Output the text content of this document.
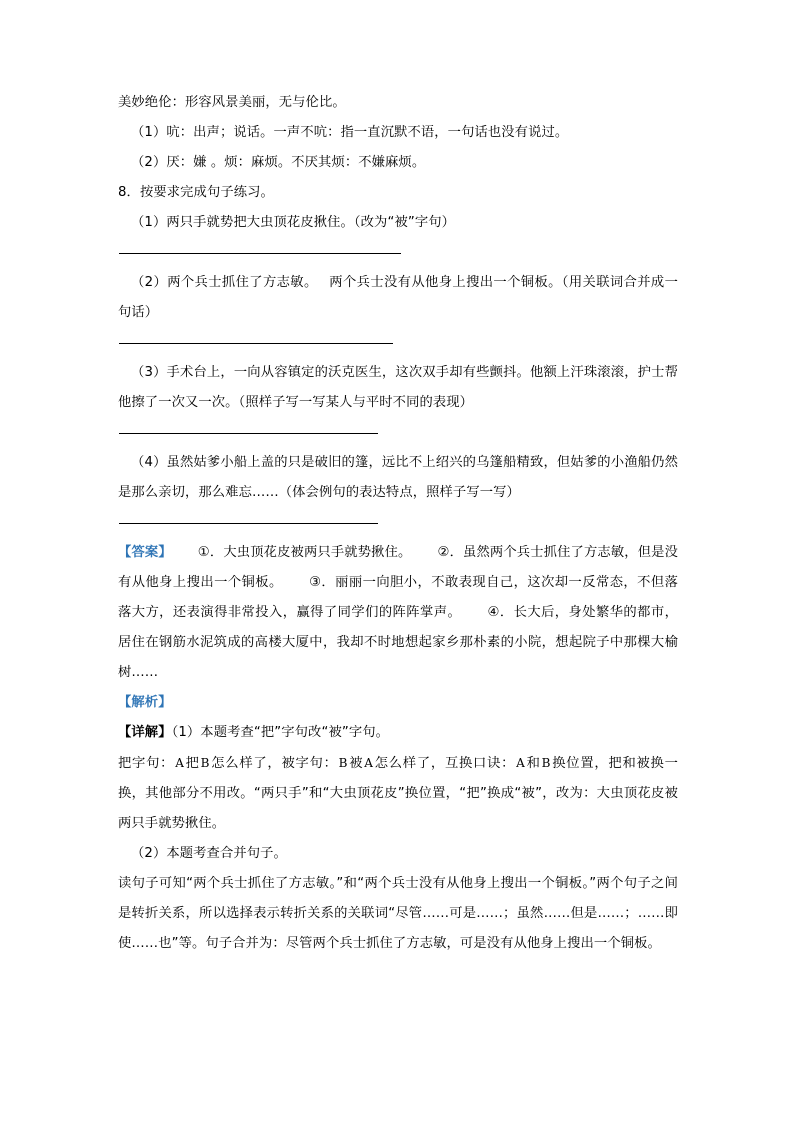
美妙绝伦：形容风景美丽，无与伦比。

（1）吭：出声；说话。一声不吭：指一直沉默不语，一句话也没有说过。

（2）厌：嫌 。烦：麻烦。不厌其烦：不嫌麻烦。

8．按要求完成句子练习。

（1）两只手就势把大虫顶花皮揪住。（改为“被”字句）

（2）两个兵士抓住了方志敏。　 两个兵士没有从他身上搜出一个铜板。（用关联词合并成一句话）

（3）手术台上，一向从容镇定的沃克医生，这次双手却有些颤抖。他额上汗珠滚滚，护士帮他擦了一次又一次。（照样子写一写某人与平时不同的表现）

（4）虽然姑爹小船上盖的只是破旧的篷，远比不上绍兴的乌篷船精致，但姑爹的小渔船仍然是那么亲切，那么难忘……（体会例句的表达特点，照样子写一写）

【答案】 ①．大虫顶花皮被两只手就势揪住。 ②．虽然两个兵士抓住了方志敏，但是没有从他身上搜出一个铜板。 ③．丽丽一向胆小，不敢表现自己，这次却一反常态，不但落落大方，还表演得非常投入，赢得了同学们的阵阵掌声。 ④．长大后，身处繁华的都市，居住在钢筋水泥筑成的高楼大厦中，我却不时地想起家乡那朴素的小院，想起院子中那棵大榆树……

【解析】

【详解】（1）本题考查“把”字句改“被”字句。

把字句：A把B怎么样了，被字句：B被A怎么样了，互换口诀：A和B换位置，把和被换一换，其他部分不用改。“两只手”和“大虫顶花皮”换位置，“把”换成“被”，改为：大虫顶花皮被两只手就势揪住。

（2）本题考查合并句子。

读句子可知“两个兵士抓住了方志敏。”和“两个兵士没有从他身上搜出一个铜板。”两个句子之间是转折关系，所以选择表示转折关系的关联词“尽管……可是……；虽然……但是……；……即使……也”等。句子合并为：尽管两个兵士抓住了方志敏，可是没有从他身上搜出一个铜板。
